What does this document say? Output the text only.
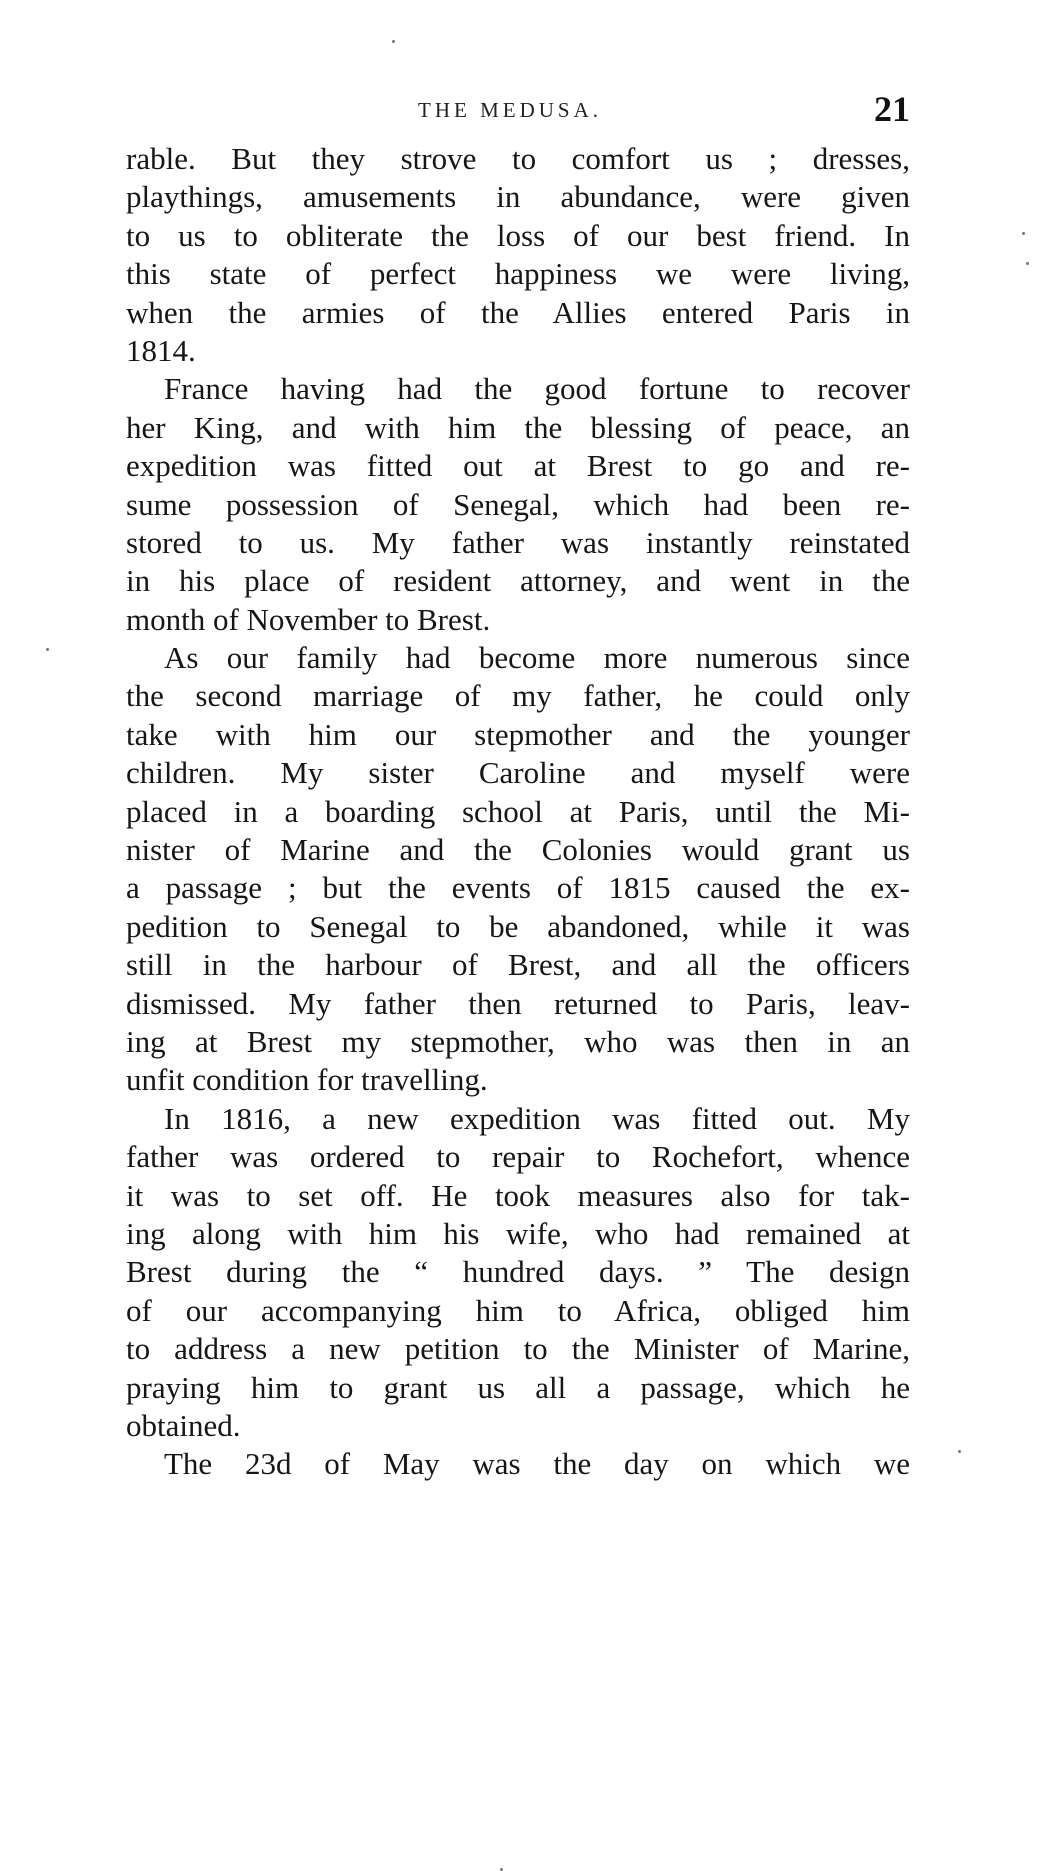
THE MEDUSA.	21
rable. But they strove to comfort us ; dresses,
playthings, amusements in abundance, were given
to us to obliterate the loss of our best friend. In
this state of perfect happiness we were living,
when the armies of the Allies entered Paris in
1814.
France having had the good fortune to recover
her King, and with him the blessing of peace, an
expedition was fitted out at Brest to go and re-
sume possession of Senegal, which had been re-
stored to us. My father was instantly reinstated
in his place of resident attorney, and went in the
month of November to Brest.
As our family had become more numerous since
the second marriage of my father, he could only
take with him our stepmother and the younger
children. My sister Caroline and myself were
placed in a boarding school at Paris, until the Mi-
nister of Marine and the Colonies would grant us
a passage ; but the events of 1815 caused the ex-
pedition to Senegal to be abandoned, while it was
still in the harbour of Brest, and all the officers
dismissed. My father then returned to Paris, leav-
ing at Brest my stepmother, who was then in an
unfit condition for travelling.
In 1816, a new expedition was fitted out. My
father was ordered to repair to Rochefort, whence
it was to set off. He took measures also for tak-
ing along with him his wife, who had remained at
Brest during the “ hundred days. ” The design
of our accompanying him to Africa, obliged him
to address a new petition to the Minister of Marine,
praying him to grant us all a passage, which he
obtained.
The 23d of May was the day on which we
